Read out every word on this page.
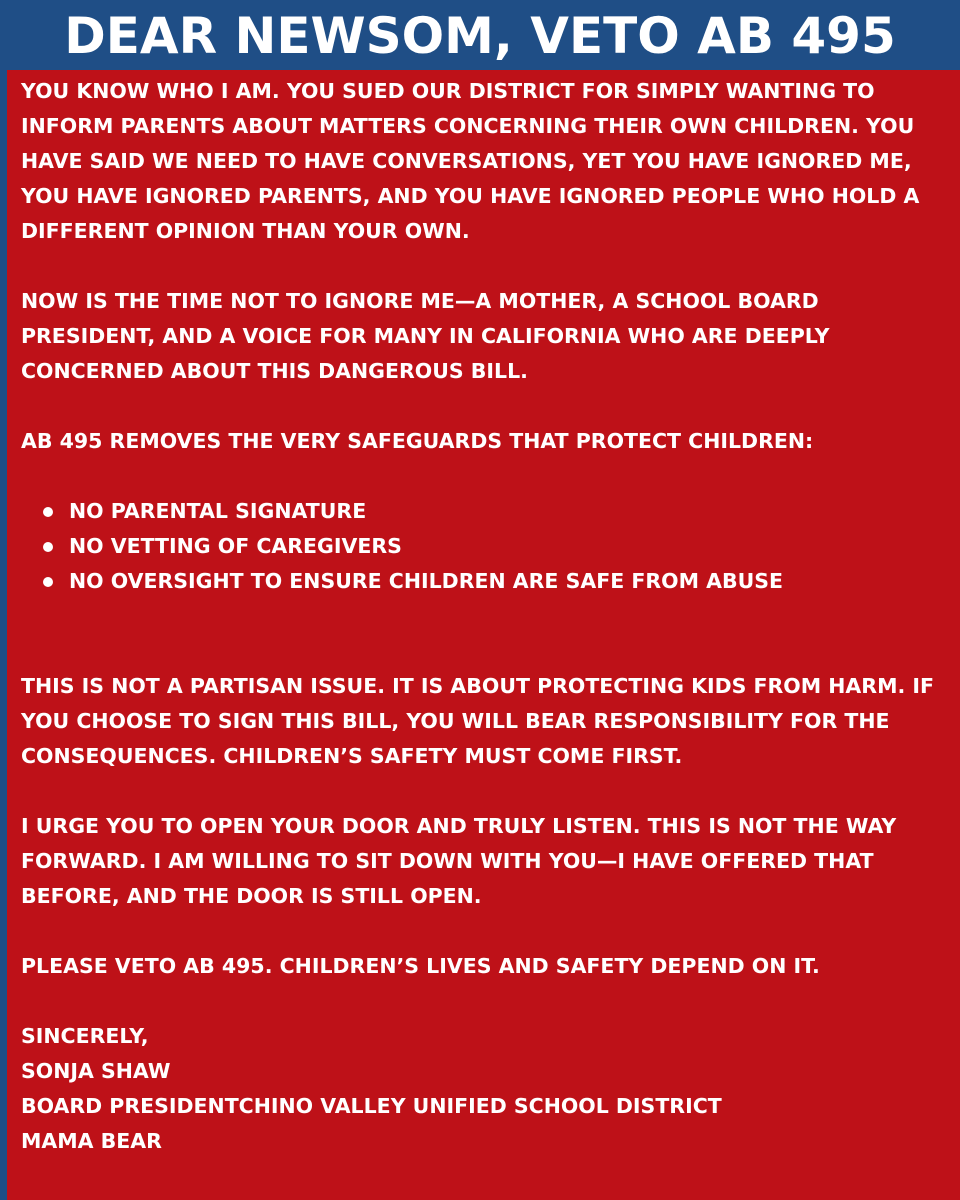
DEAR NEWSOM, VETO AB 495

YOU KNOW WHO I AM. YOU SUED OUR DISTRICT FOR SIMPLY WANTING TO INFORM PARENTS ABOUT MATTERS CONCERNING THEIR OWN CHILDREN. YOU HAVE SAID WE NEED TO HAVE CONVERSATIONS, YET YOU HAVE IGNORED ME, YOU HAVE IGNORED PARENTS, AND YOU HAVE IGNORED PEOPLE WHO HOLD A DIFFERENT OPINION THAN YOUR OWN.

NOW IS THE TIME NOT TO IGNORE ME—A MOTHER, A SCHOOL BOARD PRESIDENT, AND A VOICE FOR MANY IN CALIFORNIA WHO ARE DEEPLY CONCERNED ABOUT THIS DANGEROUS BILL.

AB 495 REMOVES THE VERY SAFEGUARDS THAT PROTECT CHILDREN:

NO PARENTAL SIGNATURE
NO VETTING OF CAREGIVERS
NO OVERSIGHT TO ENSURE CHILDREN ARE SAFE FROM ABUSE

THIS IS NOT A PARTISAN ISSUE. IT IS ABOUT PROTECTING KIDS FROM HARM. IF YOU CHOOSE TO SIGN THIS BILL, YOU WILL BEAR RESPONSIBILITY FOR THE CONSEQUENCES. CHILDREN’S SAFETY MUST COME FIRST.

I URGE YOU TO OPEN YOUR DOOR AND TRULY LISTEN. THIS IS NOT THE WAY FORWARD. I AM WILLING TO SIT DOWN WITH YOU—I HAVE OFFERED THAT BEFORE, AND THE DOOR IS STILL OPEN.

PLEASE VETO AB 495. CHILDREN’S LIVES AND SAFETY DEPEND ON IT.

SINCERELY,
SONJA SHAW
BOARD PRESIDENTCHINO VALLEY UNIFIED SCHOOL DISTRICT
MAMA BEAR
